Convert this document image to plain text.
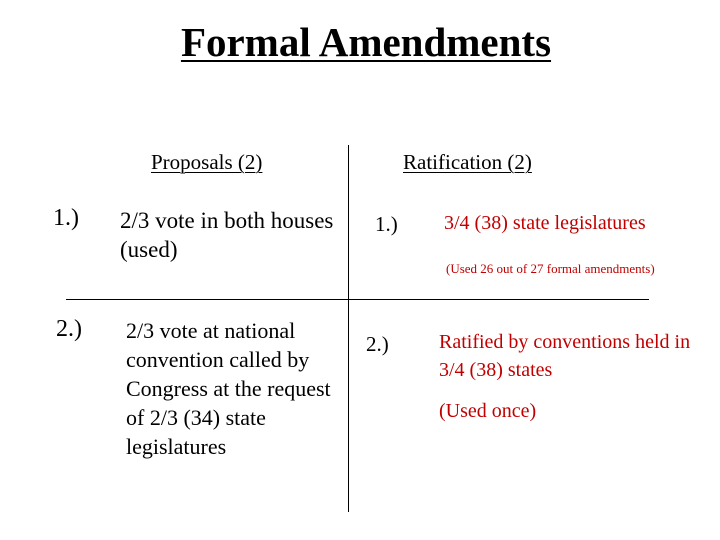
Formal Amendments
Proposals (2)	Ratification (2)
1.) 2/3 vote in both houses (used)
2.) 2/3 vote at national convention called by Congress at the request of 2/3 (34) state legislatures
1.) 3/4 (38) state legislatures
(Used 26 out of 27 formal amendments)
2.)	Ratified by conventions held in 3/4 (38) states
(Used once)
